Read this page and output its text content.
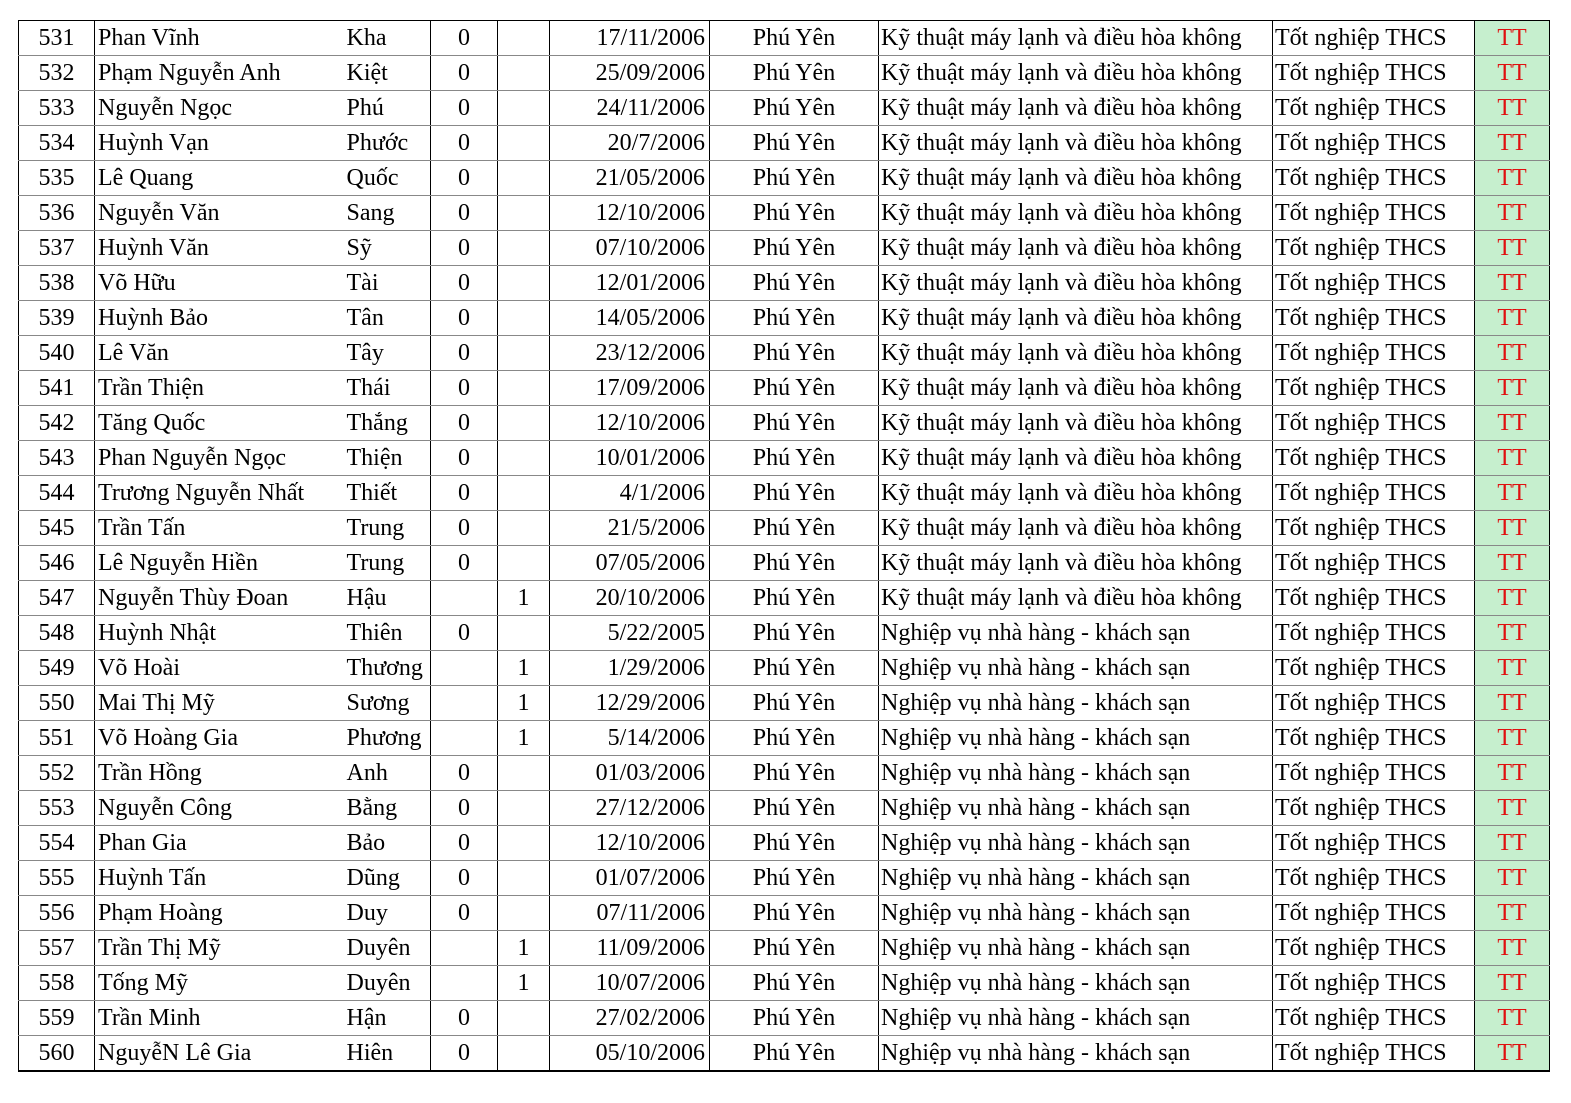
531	Phan Vĩnh	Kha	0		17/11/2006	Phú Yên	Kỹ thuật máy lạnh và điều hòa không	Tốt nghiệp THCS	TT
532	Phạm Nguyễn Anh	Kiệt	0		25/09/2006	Phú Yên	Kỹ thuật máy lạnh và điều hòa không	Tốt nghiệp THCS	TT
533	Nguyễn Ngọc	Phú	0		24/11/2006	Phú Yên	Kỹ thuật máy lạnh và điều hòa không	Tốt nghiệp THCS	TT
534	Huỳnh Vạn	Phước	0		20/7/2006	Phú Yên	Kỹ thuật máy lạnh và điều hòa không	Tốt nghiệp THCS	TT
535	Lê Quang	Quốc	0		21/05/2006	Phú Yên	Kỹ thuật máy lạnh và điều hòa không	Tốt nghiệp THCS	TT
536	Nguyễn Văn	Sang	0		12/10/2006	Phú Yên	Kỹ thuật máy lạnh và điều hòa không	Tốt nghiệp THCS	TT
537	Huỳnh Văn	Sỹ	0		07/10/2006	Phú Yên	Kỹ thuật máy lạnh và điều hòa không	Tốt nghiệp THCS	TT
538	Võ Hữu	Tài	0		12/01/2006	Phú Yên	Kỹ thuật máy lạnh và điều hòa không	Tốt nghiệp THCS	TT
539	Huỳnh Bảo	Tân	0		14/05/2006	Phú Yên	Kỹ thuật máy lạnh và điều hòa không	Tốt nghiệp THCS	TT
540	Lê Văn	Tây	0		23/12/2006	Phú Yên	Kỹ thuật máy lạnh và điều hòa không	Tốt nghiệp THCS	TT
541	Trần Thiện	Thái	0		17/09/2006	Phú Yên	Kỹ thuật máy lạnh và điều hòa không	Tốt nghiệp THCS	TT
542	Tăng Quốc	Thắng	0		12/10/2006	Phú Yên	Kỹ thuật máy lạnh và điều hòa không	Tốt nghiệp THCS	TT
543	Phan Nguyễn Ngọc	Thiện	0		10/01/2006	Phú Yên	Kỹ thuật máy lạnh và điều hòa không	Tốt nghiệp THCS	TT
544	Trương Nguyễn Nhất	Thiết	0		4/1/2006	Phú Yên	Kỹ thuật máy lạnh và điều hòa không	Tốt nghiệp THCS	TT
545	Trần Tấn	Trung	0		21/5/2006	Phú Yên	Kỹ thuật máy lạnh và điều hòa không	Tốt nghiệp THCS	TT
546	Lê Nguyễn Hiền	Trung	0		07/05/2006	Phú Yên	Kỹ thuật máy lạnh và điều hòa không	Tốt nghiệp THCS	TT
547	Nguyễn Thùy Đoan	Hậu		1	20/10/2006	Phú Yên	Kỹ thuật máy lạnh và điều hòa không	Tốt nghiệp THCS	TT
548	Huỳnh Nhật	Thiên	0		5/22/2005	Phú Yên	Nghiệp vụ nhà hàng - khách sạn	Tốt nghiệp THCS	TT
549	Võ Hoài	Thương		1	1/29/2006	Phú Yên	Nghiệp vụ nhà hàng - khách sạn	Tốt nghiệp THCS	TT
550	Mai Thị Mỹ	Sương		1	12/29/2006	Phú Yên	Nghiệp vụ nhà hàng - khách sạn	Tốt nghiệp THCS	TT
551	Võ Hoàng Gia	Phương		1	5/14/2006	Phú Yên	Nghiệp vụ nhà hàng - khách sạn	Tốt nghiệp THCS	TT
552	Trần Hồng	Anh	0		01/03/2006	Phú Yên	Nghiệp vụ nhà hàng - khách sạn	Tốt nghiệp THCS	TT
553	Nguyễn Công	Bằng	0		27/12/2006	Phú Yên	Nghiệp vụ nhà hàng - khách sạn	Tốt nghiệp THCS	TT
554	Phan Gia	Bảo	0		12/10/2006	Phú Yên	Nghiệp vụ nhà hàng - khách sạn	Tốt nghiệp THCS	TT
555	Huỳnh Tấn	Dũng	0		01/07/2006	Phú Yên	Nghiệp vụ nhà hàng - khách sạn	Tốt nghiệp THCS	TT
556	Phạm Hoàng	Duy	0		07/11/2006	Phú Yên	Nghiệp vụ nhà hàng - khách sạn	Tốt nghiệp THCS	TT
557	Trần Thị Mỹ	Duyên		1	11/09/2006	Phú Yên	Nghiệp vụ nhà hàng - khách sạn	Tốt nghiệp THCS	TT
558	Tống Mỹ	Duyên		1	10/07/2006	Phú Yên	Nghiệp vụ nhà hàng - khách sạn	Tốt nghiệp THCS	TT
559	Trần Minh	Hận	0		27/02/2006	Phú Yên	Nghiệp vụ nhà hàng - khách sạn	Tốt nghiệp THCS	TT
560	NguyễN Lê Gia	Hiên	0		05/10/2006	Phú Yên	Nghiệp vụ nhà hàng - khách sạn	Tốt nghiệp THCS	TT
